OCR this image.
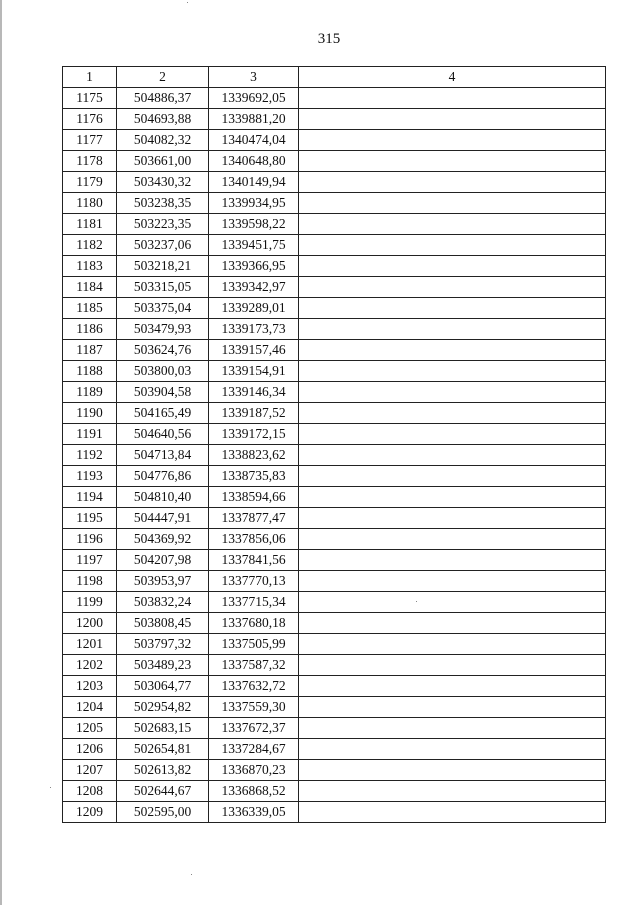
315
1	2	3	4
1175	504886,37	1339692,05	
1176	504693,88	1339881,20	
1177	504082,32	1340474,04	
1178	503661,00	1340648,80	
1179	503430,32	1340149,94	
1180	503238,35	1339934,95	
1181	503223,35	1339598,22	
1182	503237,06	1339451,75	
1183	503218,21	1339366,95	
1184	503315,05	1339342,97	
1185	503375,04	1339289,01	
1186	503479,93	1339173,73	
1187	503624,76	1339157,46	
1188	503800,03	1339154,91	
1189	503904,58	1339146,34	
1190	504165,49	1339187,52	
1191	504640,56	1339172,15	
1192	504713,84	1338823,62	
1193	504776,86	1338735,83	
1194	504810,40	1338594,66	
1195	504447,91	1337877,47	
1196	504369,92	1337856,06	
1197	504207,98	1337841,56	
1198	503953,97	1337770,13	
1199	503832,24	1337715,34	
1200	503808,45	1337680,18	
1201	503797,32	1337505,99	
1202	503489,23	1337587,32	
1203	503064,77	1337632,72	
1204	502954,82	1337559,30	
1205	502683,15	1337672,37	
1206	502654,81	1337284,67	
1207	502613,82	1336870,23	
1208	502644,67	1336868,52	
1209	502595,00	1336339,05	
